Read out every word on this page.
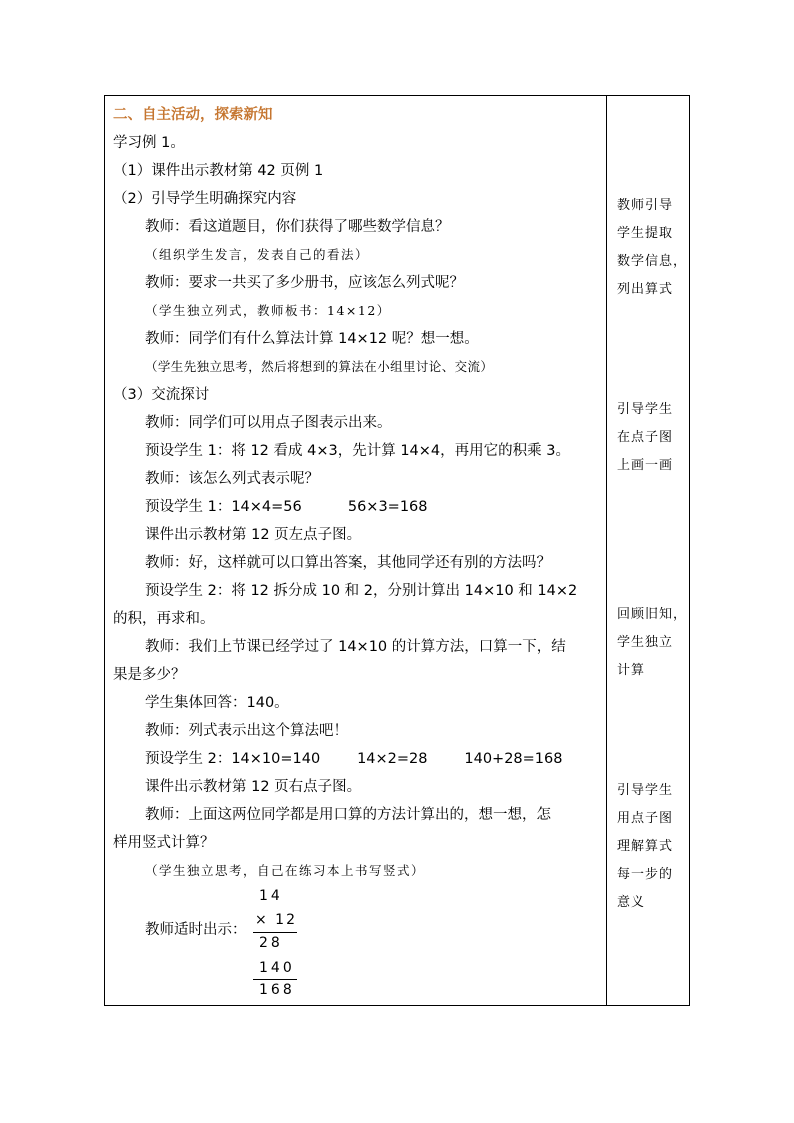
二、自主活动，探索新知
学习例 1。
（1）课件出示教材第 42 页例 1
（2）引导学生明确探究内容
教师：看这道题目，你们获得了哪些数学信息？
（组织学生发言，发表自己的看法）
教师：要求一共买了多少册书，应该怎么列式呢？
（学生独立列式，教师板书：14×12）
教师：同学们有什么算法计算 14×12 呢？想一想。
（学生先独立思考，然后将想到的算法在小组里讨论、交流）
（3）交流探讨
教师：同学们可以用点子图表示出来。
预设学生 1：将 12 看成 4×3，先计算 14×4，再用它的积乘 3。
教师：该怎么列式表示呢？
预设学生 1：14×4=56          56×3=168
课件出示教材第 12 页左点子图。
教师：好，这样就可以口算出答案，其他同学还有别的方法吗？
预设学生 2：将 12 拆分成 10 和 2，分别计算出 14×10 和 14×2
的积，再求和。
教师：我们上节课已经学过了 14×10 的计算方法，口算一下，结
果是多少？
学生集体回答：140。
教师：列式表示出这个算法吧！
预设学生 2：14×10=140        14×2=28        140+28=168
课件出示教材第 12 页右点子图。
教师：上面这两位同学都是用口算的方法计算出的，想一想，怎
样用竖式计算？
（学生独立思考，自己在练习本上书写竖式）
教师适时出示：
14
× 12
28
140
168
教师引导
学生提取
数学信息，
列出算式
引导学生
在点子图
上画一画
回顾旧知，
学生独立
计算
引导学生
用点子图
理解算式
每一步的
意义
